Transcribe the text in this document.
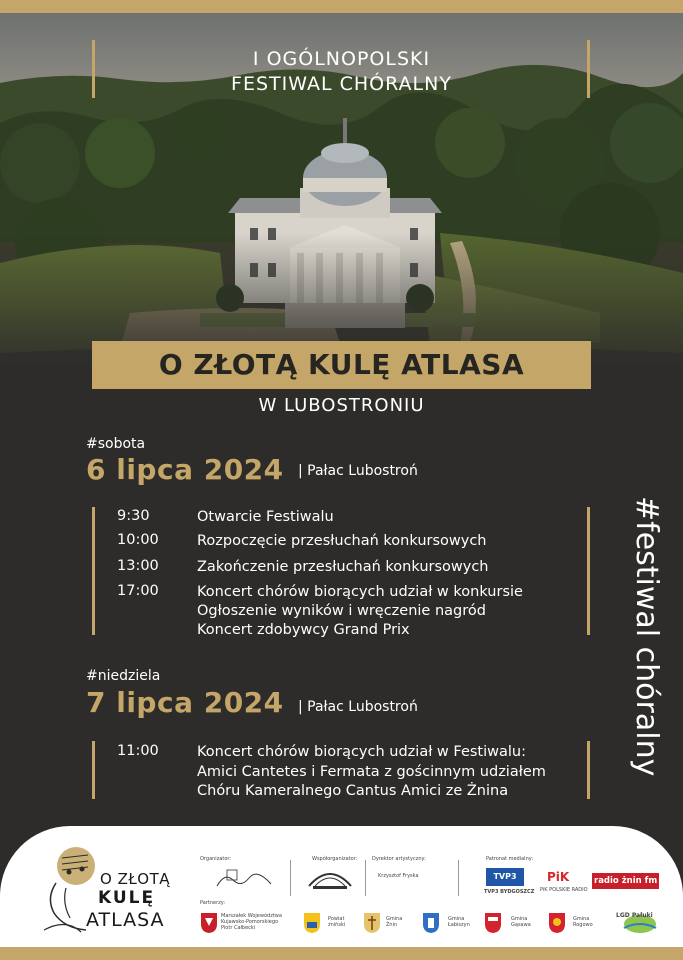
I OGÓLNOPOLSKI
FESTIWAL CHÓRALNY
O ZŁOTĄ KULĘ ATLASA
W LUBOSTRONIU
#sobota
6 lipca 2024 | Pałac Lubostroń
9:30	Otwarcie Festiwalu
10:00	Rozpoczęcie przesłuchań konkursowych
13:00	Zakończenie przesłuchań konkursowych
17:00	Koncert chórów biorących udział w konkursie
Ogłoszenie wyników i wręczenie nagród
Koncert zdobywcy Grand Prix
#niedziela
7 lipca 2024 | Pałac Lubostroń
11:00	Koncert chórów biorących udział w Festiwalu:
Amici Cantetes i Fermata z gościnnym udziałem
Chóru Kameralnego Cantus Amici ze Żnina
#festiwal chóralny
O ZŁOTĄ
KULĘ
ATLASA
Organizator:	Współorganizator:	Dyrektor artystyczny:
Krzysztof Fryska
Patronat medialny:
Partnerzy:
TVP3
TVP3 BYDGOSZCZ
PiK
PiK POLSKIE RADIO
radio żnin fm
Marszałek Województwa Kujawsko-Pomorskiego Piotr Całbecki
Powiat żniński
Gmina Żnin
Gmina Łabiszyn
Gmina Gąsawa
Gmina Rogowo
LGD Pałuki
